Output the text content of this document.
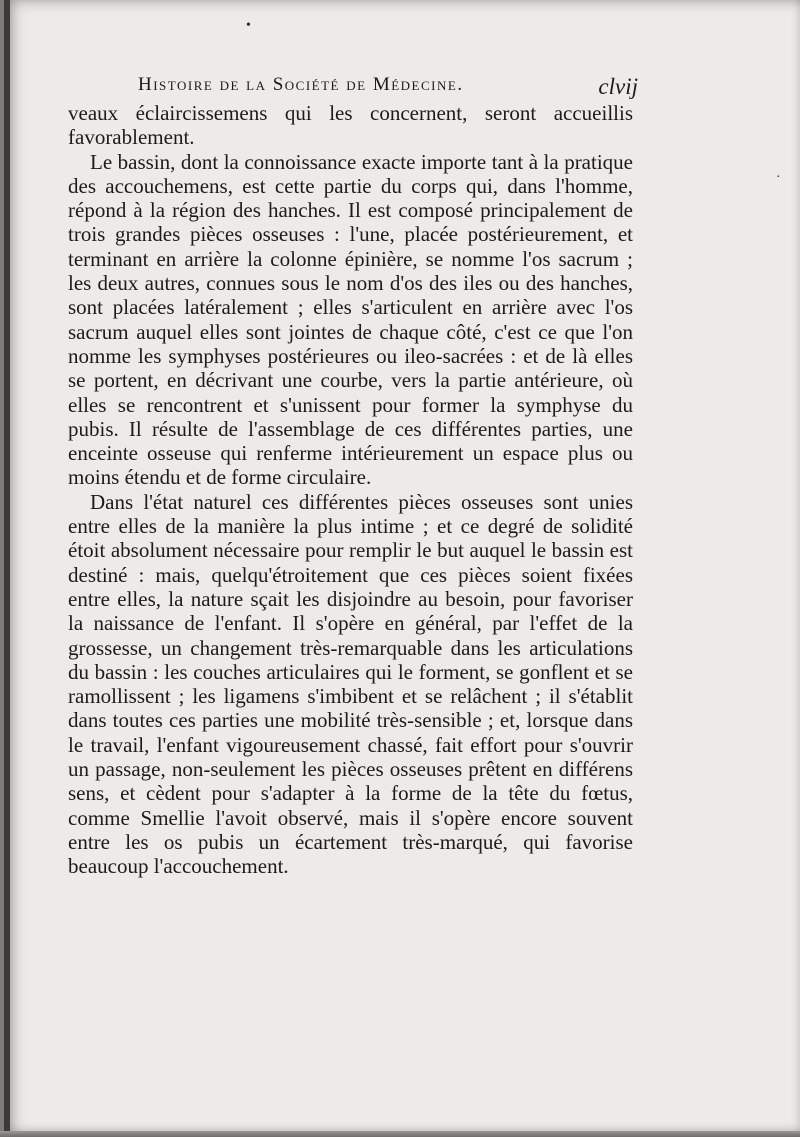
Histoire de la Société de Médecine.	clvij

veaux éclaircissemens qui les concernent, seront accueillis favorablement.

Le bassin, dont la connoissance exacte importe tant à la pratique des accouchemens, est cette partie du corps qui, dans l'homme, répond à la région des hanches. Il est composé principalement de trois grandes pièces osseuses : l'une, placée postérieurement, et terminant en arrière la colonne épinière, se nomme l'os sacrum ; les deux autres, connues sous le nom d'os des iles ou des hanches, sont placées latéralement ; elles s'articulent en arrière avec l'os sacrum auquel elles sont jointes de chaque côté, c'est ce que l'on nomme les symphyses postérieures ou ileo-sacrées : et de là elles se portent, en décrivant une courbe, vers la partie antérieure, où elles se rencontrent et s'unissent pour former la symphyse du pubis. Il résulte de l'assemblage de ces différentes parties, une enceinte osseuse qui renferme intérieurement un espace plus ou moins étendu et de forme circulaire.

Dans l'état naturel ces différentes pièces osseuses sont unies entre elles de la manière la plus intime ; et ce degré de solidité étoit absolument nécessaire pour remplir le but auquel le bassin est destiné : mais, quelqu'étroitement que ces pièces soient fixées entre elles, la nature sçait les disjoindre au besoin, pour favoriser la naissance de l'enfant. Il s'opère en général, par l'effet de la grossesse, un changement très-remarquable dans les articulations du bassin : les couches articulaires qui le forment, se gonflent et se ramollissent ; les ligamens s'imbibent et se relâchent ; il s'établit dans toutes ces parties une mobilité très-sensible ; et, lorsque dans le travail, l'enfant vigoureusement chassé, fait effort pour s'ouvrir un passage, non-seulement les pièces osseuses prêtent en différens sens, et cèdent pour s'adapter à la forme de la tête du fœtus, comme Smellie l'avoit observé, mais il s'opère encore souvent entre les os pubis un écartement très-marqué, qui favorise beaucoup l'accouchement.

•
·
